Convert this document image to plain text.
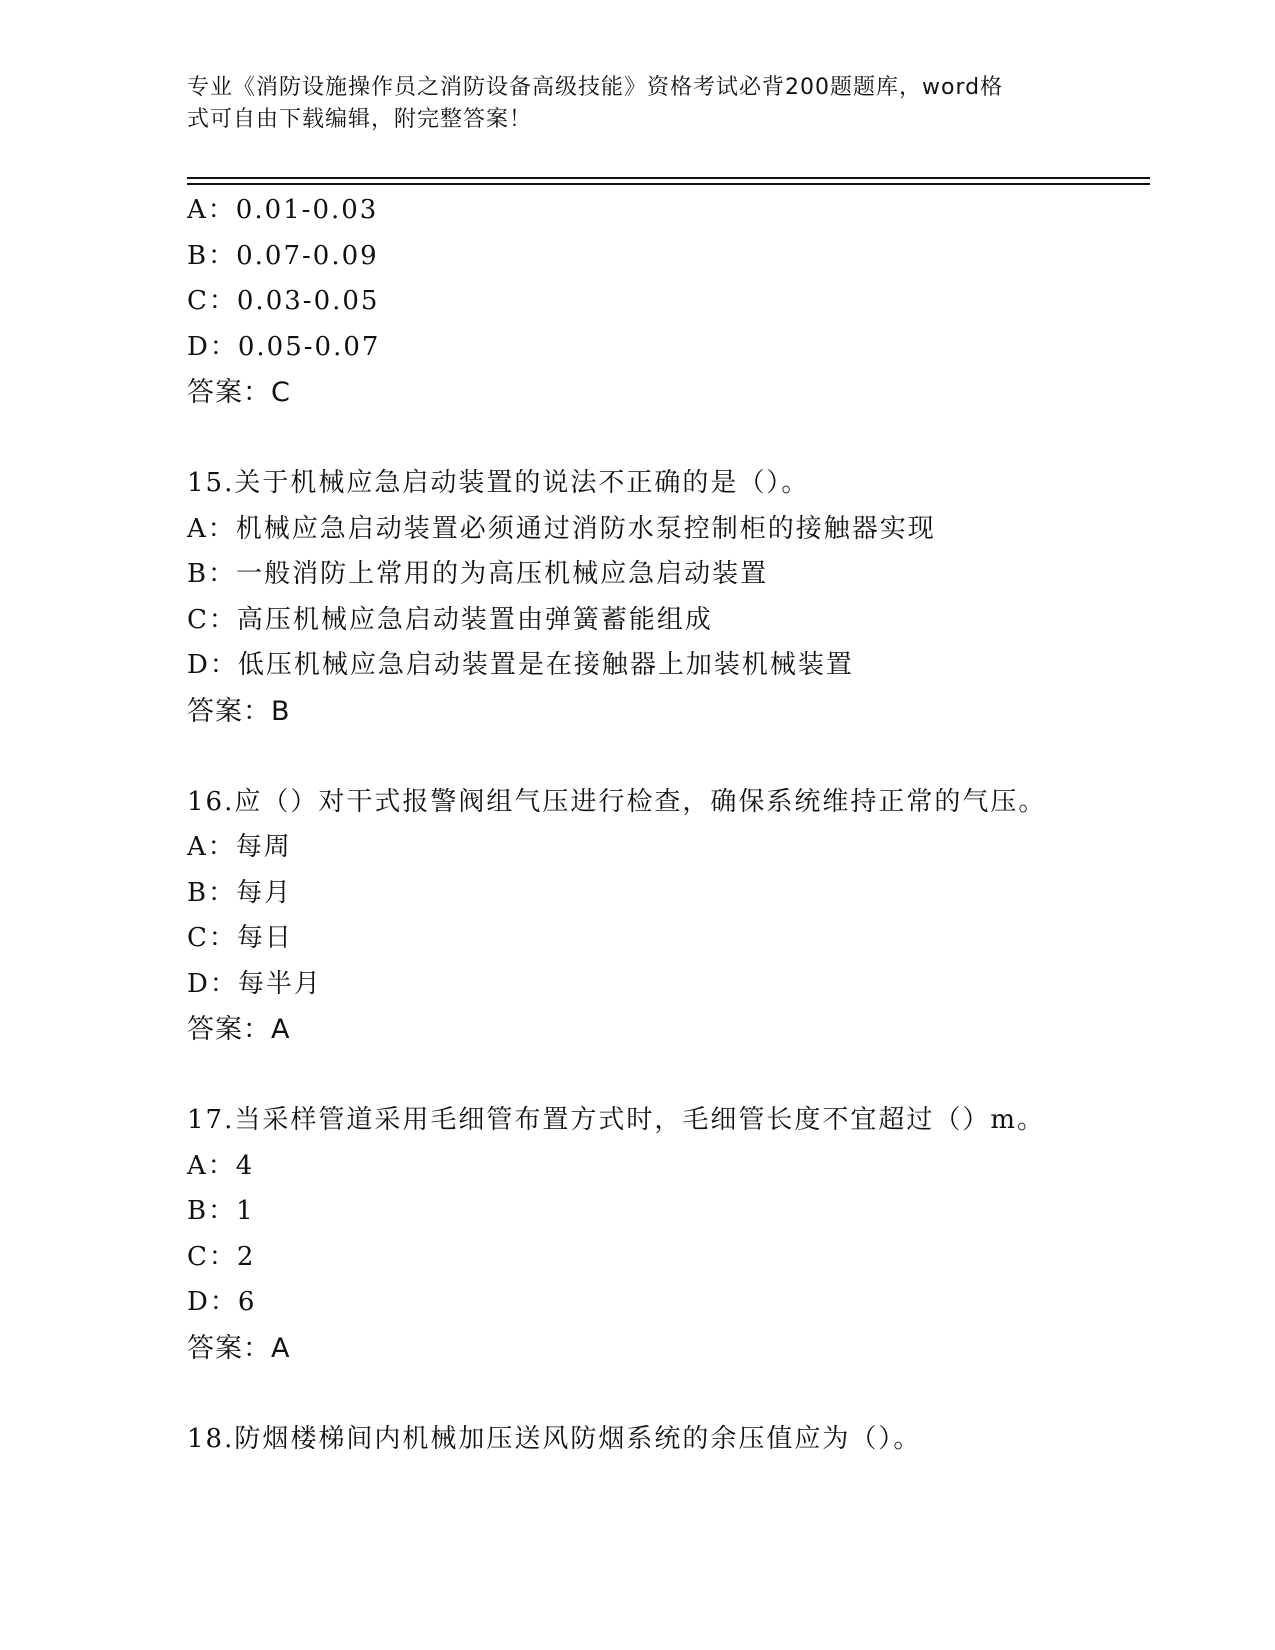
专业《消防设施操作员之消防设备高级技能》资格考试必背200题题库，word格
式可自由下载编辑，附完整答案！
A：0.01-0.03
B：0.07-0.09
C：0.03-0.05
D：0.05-0.07
答案：C
15.关于机械应急启动装置的说法不正确的是（）。
A：机械应急启动装置必须通过消防水泵控制柜的接触器实现
B：一般消防上常用的为高压机械应急启动装置
C：高压机械应急启动装置由弹簧蓄能组成
D：低压机械应急启动装置是在接触器上加装机械装置
答案：B
16.应（）对干式报警阀组气压进行检查，确保系统维持正常的气压。
A：每周
B：每月
C：每日
D：每半月
答案：A
17.当采样管道采用毛细管布置方式时，毛细管长度不宜超过（）m。
A：4
B：1
C：2
D：6
答案：A
18.防烟楼梯间内机械加压送风防烟系统的余压值应为（）。
